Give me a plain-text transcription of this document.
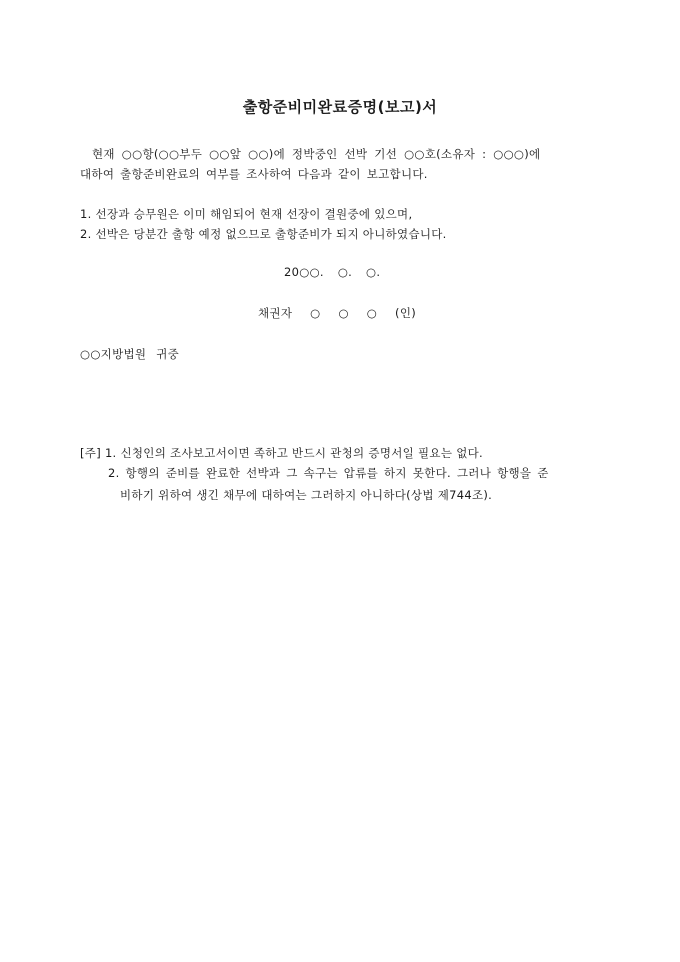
출항준비미완료증명(보고)서
현재 ○○항(○○부두 ○○앞 ○○)에 정박중인 선박 기선 ○○호(소유자 : ○○○)에
대하여 출항준비완료의 여부를 조사하여 다음과 같이 보고합니다.
1. 선장과 승무원은 이미 해임되어 현재 선장이 결원중에 있으며,
2. 선박은 당분간 출항 예정 없으므로 출항준비가 되지 아니하였습니다.
20○○. ○. ○.
채권자 ○ ○ ○ (인)
○○지방법원 귀중
[주] 1. 신청인의 조사보고서이면 족하고 반드시 관청의 증명서일 필요는 없다.
2. 항행의 준비를 완료한 선박과 그 속구는 압류를 하지 못한다. 그러나 항행을 준
비하기 위하여 생긴 채무에 대하여는 그러하지 아니하다(상법 제744조).
